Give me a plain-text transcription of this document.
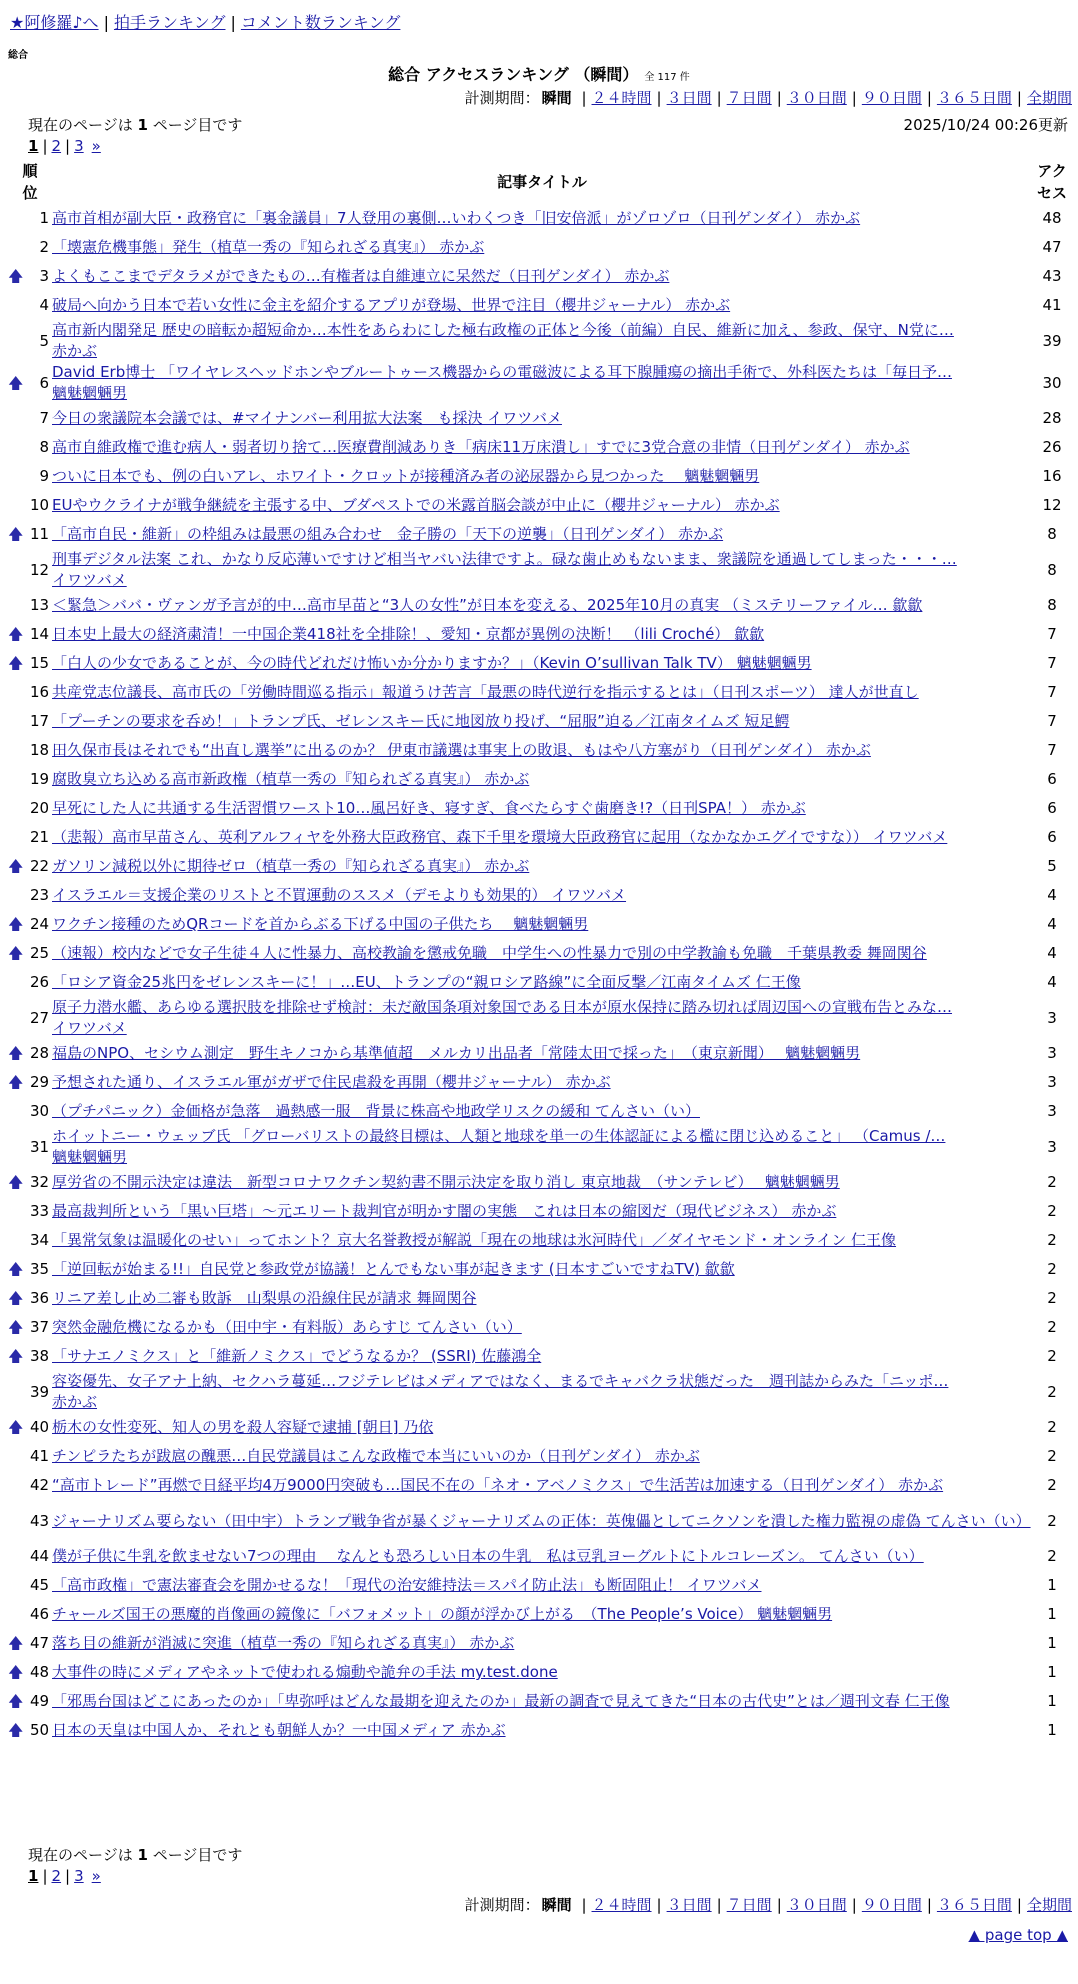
★阿修羅♪へ | 拍手ランキング | コメント数ランキング
総合
総合 アクセスランキング （瞬間） 全 117 件
計測期間： 瞬間 | ２４時間 | ３日間 | ７日間 | ３０日間 | ９０日間 | ３６５日間 | 全期間
現在のページは 1 ページ目です	2025/10/24 00:26更新
1 | 2 | 3 »
順位		記事タイトル	アクセス
	1	高市首相が副大臣・政務官に「裏金議員」7人登用の裏側…いわくつき「旧安倍派」がゾロゾロ（日刊ゲンダイ） 赤かぶ	48
	2	「壊憲危機事態」発生（植草一秀の『知られざる真実』） 赤かぶ	47
🡅	3	よくもここまでデタラメができたもの…有権者は自維連立に呆然だ（日刊ゲンダイ） 赤かぶ	43
	4	破局へ向かう日本で若い女性に金主を紹介するアプリが登場、世界で注目（櫻井ジャーナル） 赤かぶ	41
	5	高市新内閣発足 歴史の暗転か超短命か…本性をあらわにした極右政権の正体と今後（前編）自民、維新に加え、参政、保守、N党に…
赤かぶ	39
🡅	6	David Erb博士 「ワイヤレスヘッドホンやブルートゥース機器からの電磁波による耳下腺腫瘍の摘出手術で、外科医たちは「毎日予…
魑魅魍魎男	30
	7	今日の衆議院本会議では、#マイナンバー利用拡大法案　も採決 イワツバメ	28
	8	高市自維政権で進む病人・弱者切り捨て…医療費削減ありき「病床11万床潰し」すでに3党合意の非情（日刊ゲンダイ） 赤かぶ	26
	9	ついに日本でも、例の白いアレ、ホワイト・クロットが接種済み者の泌尿器から見つかった　 魑魅魍魎男	16
	10	EUやウクライナが戦争継続を主張する中、ブダペストでの米露首脳会談が中止に（櫻井ジャーナル） 赤かぶ	12
🡅	11	「高市自民・維新」の枠組みは最悪の組み合わせ　金子勝の「天下の逆襲」（日刊ゲンダイ） 赤かぶ	8
	12	刑事デジタル法案 これ、かなり反応薄いですけど相当ヤバい法律ですよ。碌な歯止めもないまま、衆議院を通過してしまった・・・…
イワツバメ	8
	13	＜緊急＞ババ・ヴァンガ予言が的中…高市早苗と“3人の女性”が日本を変える、2025年10月の真実 （ミステリーファイル… 歙歙	8
🡅	14	日本史上最大の経済粛清！一中国企業418社を全排除！、愛知・京都が異例の決断！ （lili Croché） 歙歙	7
🡅	15	「白人の少女であることが、今の時代どれだけ怖いか分かりますか？」（Kevin O’sullivan Talk TV） 魑魅魍魎男	7
	16	共産党志位議長、高市氏の「労働時間巡る指示」報道うけ苦言「最悪の時代逆行を指示するとは」（日刊スポーツ） 達人が世直し	7
	17	「プーチンの要求を呑め！」トランプ氏、ゼレンスキー氏に地図放り投げ、“屈服”迫る／江南タイムズ 短足鰐	7
	18	田久保市長はそれでも“出直し選挙”に出るのか？ 伊東市議選は事実上の敗退、もはや八方塞がり（日刊ゲンダイ） 赤かぶ	7
	19	腐敗臭立ち込める高市新政権（植草一秀の『知られざる真実』） 赤かぶ	6
	20	早死にした人に共通する生活習慣ワースト10…風呂好き、寝すぎ、食べたらすぐ歯磨き!?（日刊SPA！） 赤かぶ	6
	21	（悲報）高市早苗さん、英利アルフィヤを外務大臣政務官、森下千里を環境大臣政務官に起用（なかなかエグイですな）） イワツバメ	6
🡅	22	ガソリン減税以外に期待ゼロ（植草一秀の『知られざる真実』） 赤かぶ	5
	23	イスラエル＝支援企業のリストと不買運動のススメ（デモよりも効果的） イワツバメ	4
🡅	24	ワクチン接種のためQRコードを首からぶる下げる中国の子供たち　 魑魅魍魎男	4
🡅	25	（速報）校内などで女子生徒４人に性暴力、高校教諭を懲戒免職　中学生への性暴力で別の中学教諭も免職　千葉県教委 舞岡関谷	4
	26	「ロシア資金25兆円をゼレンスキーに！」…EU、トランプの“親ロシア路線”に全面反撃／江南タイムズ 仁王像	4
	27	原子力潜水艦、あらゆる選択肢を排除せず検討：未だ敵国条項対象国である日本が原水保持に踏み切れば周辺国への宣戦布告とみな…
イワツバメ	3
🡅	28	福島のNPO、セシウム測定　野生キノコから基準値超　メルカリ出品者「常陸太田で採った」　（東京新聞）　 魑魅魍魎男	3
🡅	29	予想された通り、イスラエル軍がガザで住民虐殺を再開（櫻井ジャーナル） 赤かぶ	3
	30	（プチパニック）金価格が急落　過熱感一服　背景に株高や地政学リスクの緩和 てんさい（い）	3
	31	ホイットニー・ウェッブ氏 「グローバリストの最終目標は、人類と地球を単一の生体認証による檻に閉じ込めること」 （Camus /…
魑魅魍魎男	3
🡅	32	厚労省の不開示決定は違法　新型コロナワクチン契約書不開示決定を取り消し 東京地裁　（サンテレビ）　 魑魅魍魎男	2
	33	最高裁判所という「黒い巨塔」～元エリート裁判官が明かす闇の実態　これは日本の縮図だ（現代ビジネス） 赤かぶ	2
	34	「異常気象は温暖化のせい」ってホント？京大名誉教授が解説「現在の地球は氷河時代」／ダイヤモンド・オンライン 仁王像	2
🡅	35	「逆回転が始まる!!」自民党と参政党が協議！とんでもない事が起きます (日本すごいですねTV) 歙歙	2
🡅	36	リニア差し止め二審も敗訴　山梨県の沿線住民が請求 舞岡関谷	2
🡅	37	突然金融危機になるかも（田中宇・有料版）あらすじ てんさい（い）	2
🡅	38	「サナエノミクス」と「維新ノミクス」でどうなるか？ (SSRI) 佐藤鴻全	2
	39	容姿優先、女子アナ上納、セクハラ蔓延…フジテレビはメディアではなく、まるでキャバクラ状態だった　週刊誌からみた「ニッポ…
赤かぶ	2
🡅	40	栃木の女性変死、知人の男を殺人容疑で逮捕 [朝日] 乃依	2
	41	チンピラたちが跋扈の醜悪…自民党議員はこんな政権で本当にいいのか（日刊ゲンダイ） 赤かぶ	2
	42	“高市トレード”再燃で日経平均4万9000円突破も…国民不在の「ネオ・アベノミクス」で生活苦は加速する（日刊ゲンダイ） 赤かぶ	2
	43	ジャーナリズム要らない（田中宇）トランプ戦争省が暴くジャーナリズムの正体：英傀儡としてニクソンを潰した権力監視の虚偽 てんさい（い）	2
	44	僕が子供に牛乳を飲ませない7つの理由　 なんとも恐ろしい日本の牛乳　私は豆乳ヨーグルトにトルコレーズン。 てんさい（い）	2
	45	「高市政権」で憲法審査会を開かせるな！「現代の治安維持法＝スパイ防止法」も断固阻止！ イワツバメ	1
	46	チャールズ国王の悪魔的肖像画の鏡像に「バフォメット」の顔が浮かび上がる　（The People’s Voice） 魑魅魍魎男	1
🡅	47	落ち目の維新が消滅に突進（植草一秀の『知られざる真実』） 赤かぶ	1
🡅	48	大事件の時にメディアやネットで使われる煽動や詭弁の手法 my.test.done	1
🡅	49	「邪馬台国はどこにあったのか」「卑弥呼はどんな最期を迎えたのか」最新の調査で見えてきた“日本の古代史”とは／週刊文春 仁王像	1
🡅	50	日本の天皇は中国人か、それとも朝鮮人か？一中国メディア 赤かぶ	1
現在のページは 1 ページ目です
1 | 2 | 3 »
計測期間： 瞬間 | ２４時間 | ３日間 | ７日間 | ３０日間 | ９０日間 | ３６５日間 | 全期間
▲ page top ▲
